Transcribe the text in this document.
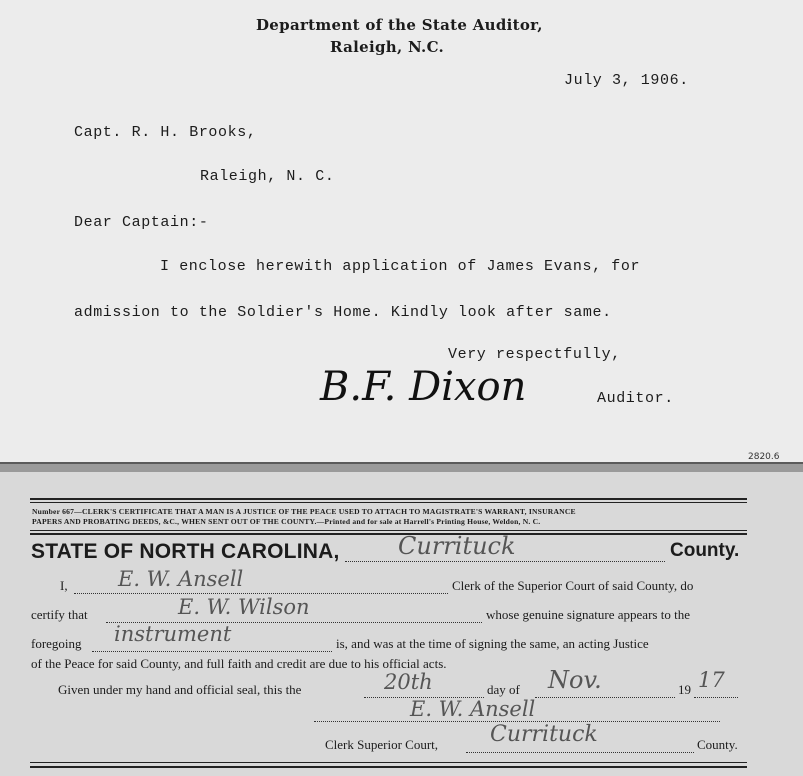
Department of the State Auditor,
Raleigh, N.C.
July 3, 1906.
Capt. R. H. Brooks,
Raleigh, N. C.
Dear Captain:-
I enclose herewith application of James Evans, for
admission to the Soldier's Home. Kindly look after same.
Very respectfully,
B.F. Dixon	Auditor.
2820.6
Number 667—CLERK'S CERTIFICATE THAT A MAN IS A JUSTICE OF THE PEACE USED TO ATTACH TO MAGISTRATE'S WARRANT, INSURANCE
PAPERS AND PROBATING DEEDS, &C., WHEN SENT OUT OF THE COUNTY.—Printed and for sale at Harrell's Printing House, Weldon, N. C.
STATE OF NORTH CAROLINA, Currituck	County.
I, E. W. Ansell	Clerk of the Superior Court of said County, do
certify that	E. W. Wilson	whose genuine signature appears to the
foregoing instrument	is, and was at the time of signing the same, an acting Justice
of the Peace for said County, and full faith and credit are due to his official acts.
Given under my hand and official seal, this the	20th	day of Nov.	19 17
E. W. Ansell
Clerk Superior Court, Currituck	County.
